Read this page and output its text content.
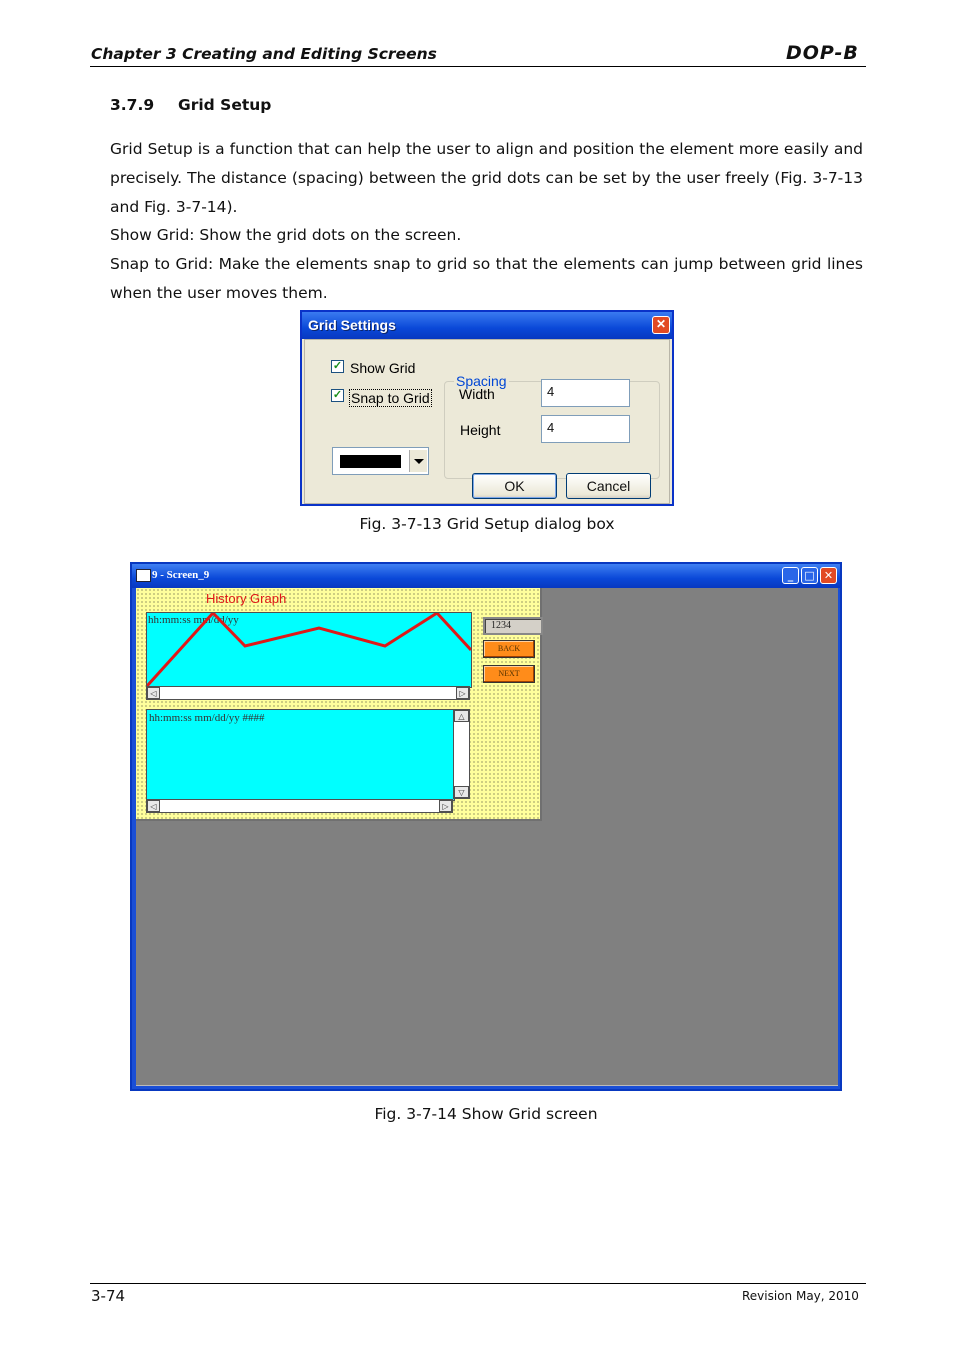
Chapter 3 Creating and Editing Screens	DOP-B
3.7.9 Grid Setup
Grid Setup is a function that can help the user to align and position the element more easily and precisely. The distance (spacing) between the grid dots can be set by the user freely (Fig. 3-7-13 and Fig. 3-7-14).
Show Grid: Show the grid dots on the screen.
Snap to Grid: Make the elements snap to grid so that the elements can jump between grid lines when the user moves them.
Grid Settings	✕
✓ Show Grid
✓ Snap to Grid
Spacing
Width	4
Height	4
OK	Cancel
Fig. 3-7-13 Grid Setup dialog box
9 - Screen_9	_	□ ✕
History Graph
hh:mm:ss mm/dd/yy
◁	▷
hh:mm:ss mm/dd/yy ####	△
▽
◁	▷
1234
BACK
NEXT
Fig. 3-7-14 Show Grid screen
3-74	Revision May, 2010
